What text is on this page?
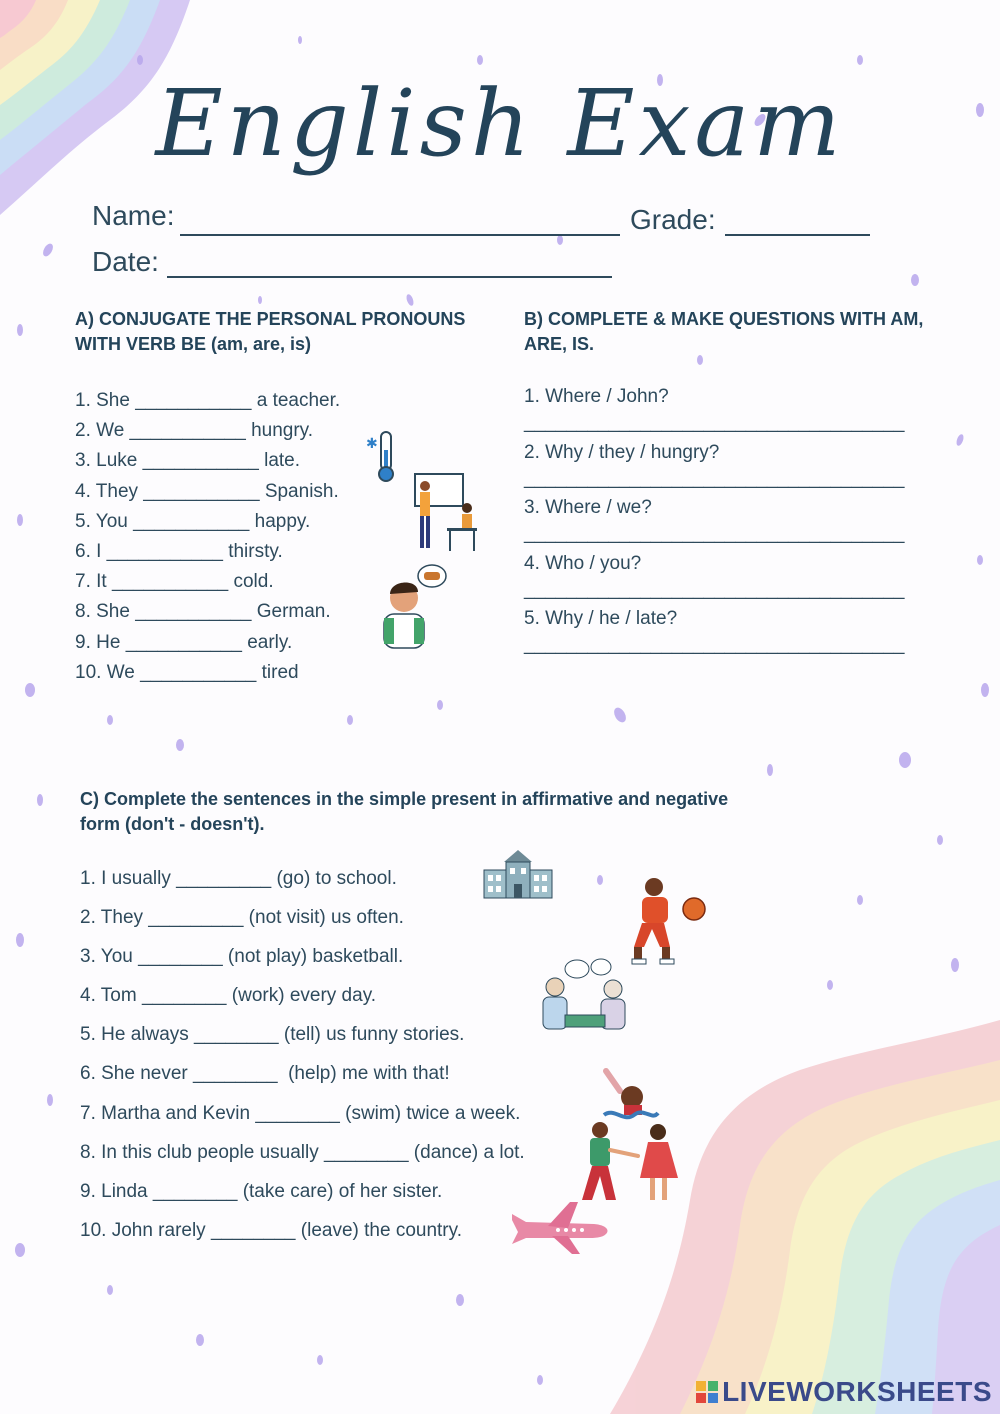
English Exam
Name:	Grade:
Date:
A) CONJUGATE THE PERSONAL PRONOUNS WITH VERB BE (am, are, is)
1. She ___________ a teacher.
2. We ___________ hungry.
3. Luke ___________ late.
4. They ___________ Spanish.
5. You ___________ happy.
6. I ___________ thirsty.
7. It ___________ cold.
8. She ___________ German.
9. He ___________ early.
10. We ___________ tired
✱
B) COMPLETE & MAKE QUESTIONS WITH AM, ARE, IS.
1. Where / John?
____________________________________
2. Why / they / hungry?
____________________________________
3. Where / we?
____________________________________
4. Who / you?
____________________________________
5. Why / he / late?
____________________________________
C) Complete the sentences in the simple present in affirmative and negative form (don't - doesn't).
1. I usually _________ (go) to school.
2. They _________ (not visit) us often.
3. You ________ (not play) basketball.
4. Tom ________ (work) every day.
5. He always ________ (tell) us funny stories.
6. She never ________  (help) me with that!
7. Martha and Kevin ________ (swim) twice a week.
8. In this club people usually ________ (dance) a lot.
9. Linda ________ (take care) of her sister.
10. John rarely ________ (leave) the country.
LIVEWORKSHEETS
